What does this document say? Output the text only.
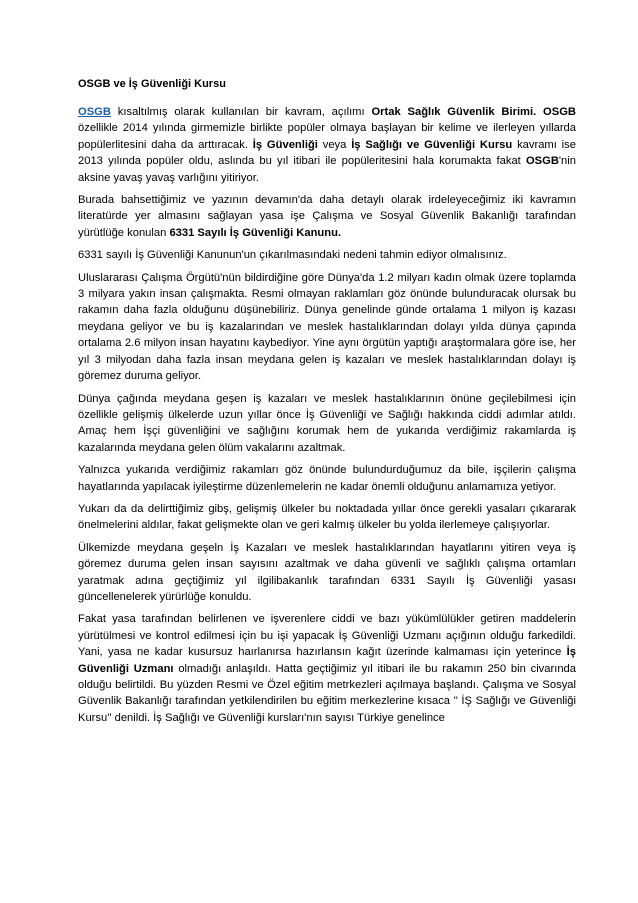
OSGB ve İş Güvenliği Kursu

OSGB kısaltılmış olarak kullanılan bir kavram, açılımı Ortak Sağlık Güvenlik Birimi. OSGB özellikle 2014 yılında girmemizle birlikte popüler olmaya başlayan bir kelime ve ilerleyen yıllarda popülerlitesini daha da arttıracak. İş Güvenliği veya İş Sağlığı ve Güvenliği Kursu kavramı ise 2013 yılında popüler oldu, aslında bu yıl itibari ile popüleritesini hala korumakta fakat OSGB'nin aksine yavaş yavaş varlığını yitiriyor.

Burada bahsettiğimiz ve yazının devamın'da daha detaylı olarak irdeleyeceğimiz iki kavramın literatürde yer almasını sağlayan yasa işe Çalışma ve Sosyal Güvenlik Bakanlığı tarafından yürütlüğe konulan 6331 Sayılı İş Güvenliği Kanunu.

6331 sayılı İş Güvenliği Kanunun'un çıkarılmasındaki nedeni tahmin ediyor olmalısınız.

Uluslararası Çalışma Örgütü'nün bildirdiğine göre Dünya'da 1.2 milyarı kadın olmak üzere toplamda 3 milyara yakın insan çalışmakta. Resmi olmayan raklamları göz önünde bulunduracak olursak bu rakamın daha fazla olduğunu düşünebiliriz. Dünya genelinde günde ortalama 1 milyon iş kazası meydana geliyor ve bu iş kazalarından ve meslek hastalıklarından dolayı yılda dünya çapında ortalama 2.6 milyon insan hayatını kaybediyor. Yine aynı örgütün yaptığı araştormalara göre ise, her yıl 3 milyodan daha fazla insan meydana gelen iş kazaları ve meslek hastalıklarından dolayı iş göremez duruma geliyor.

Dünya çağında meydana geşen iş kazaları ve meslek hastalıklarının önüne geçilebilmesi için özellikle gelişmiş ülkelerde uzun yıllar önce İş Güvenliği ve Sağlığı hakkında ciddi adımlar atıldı. Amaç hem İşçi güvenliğini ve sağlığını korumak hem de yukarıda verdiğimiz rakamlarda iş kazalarında meydana gelen ölüm vakalarını azaltmak.

Yalnızca yukarıda verdiğimiz rakamları göz önünde bulundurduğumuz da bile, işçilerin çalışma hayatlarında yapılacak iyileştirme düzenlemelerin ne kadar önemli olduğunu anlamamıza yetiyor.

Yukarı da da delirttiğimiz gibş, gelişmiş ülkeler bu noktadada yıllar önce gerekli yasaları çıkararak önelmelerini aldılar, fakat gelişmekte olan ve geri kalmış ülkeler bu yolda ilerlemeye çalışıyorlar.

Ülkemizde meydana geşeln İş Kazaları ve meslek hastalıklarından hayatlarını yitiren veya iş göremez duruma gelen insan sayısını azaltmak ve daha güvenli ve sağlıklı çalışma ortamları yaratmak adına geçtiğimiz yıl ilgilibakanlık tarafından 6331 Sayılı İş Güvenliği yasası güncellenelerek yürürlüğe konuldu.

Fakat yasa tarafından belirlenen ve işverenlere ciddi ve bazı yükümlülükler getiren maddelerin yürütülmesi ve kontrol edilmesi için bu işi yapacak İş Güvenliği Uzmanı açığının olduğu farkedildi. Yani, yasa ne kadar kusursuz haırlanırsa hazırlansın kağıt üzerinde kalmaması için yeterince İş Güvenliği Uzmanı olmadığı anlaşıldı. Hatta geçtiğimiz yıl itibari ile bu rakamın 250 bin civarında olduğu belirtildi. Bu yüzden Resmi ve Özel eğitim metrkezleri açılmaya başlandı. Çalışma ve Sosyal Güvenlik Bakanlığı tarafından yetkilendirilen bu eğitim merkezlerine kısaca '' İŞ Sağlığı ve Güvenliği Kursu'' denildi. İş Sağlığı ve Güvenliği kursları'nın sayısı Türkiye genelince
